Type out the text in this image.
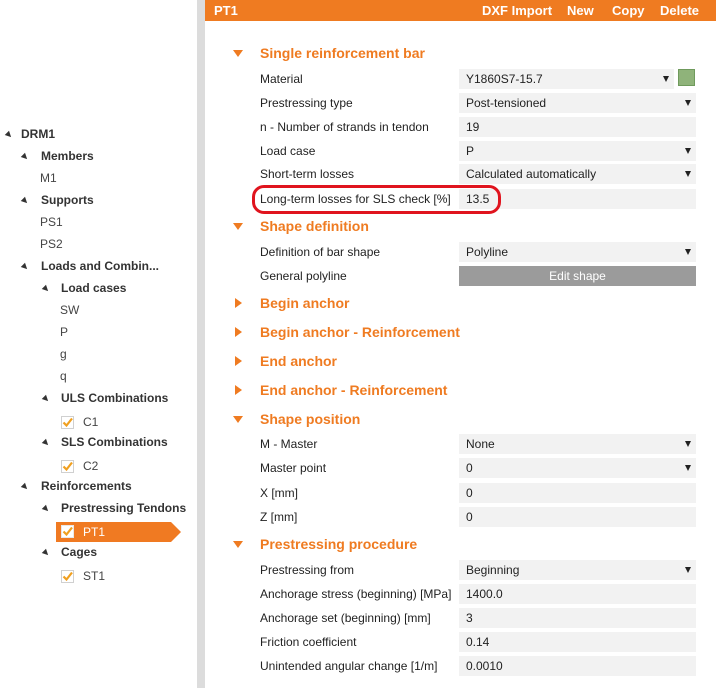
DRM1
Members
M1
Supports
PS1
PS2
Loads and Combin...
Load cases
SW
P
g
q
ULS Combinations
C1
SLS Combinations
C2
Reinforcements
Prestressing Tendons
PT1
Cages
ST1
PT1	DXF Import New Copy Delete
Single reinforcement bar
Material	Y1860S7-15.7
Prestressing type	Post-tensioned
n - Number of strands in tendon	19
Load case	P
Short-term losses	Calculated automatically
Long-term losses for SLS check [%] 13.5
Shape definition
Definition of bar shape	Polyline
General polyline	Edit shape
Begin anchor
Begin anchor - Reinforcement
End anchor
End anchor - Reinforcement
Shape position
M - Master	None
Master point	0
X [mm]	0
Z [mm]	0
Prestressing procedure
Prestressing from	Beginning
Anchorage stress (beginning) [MPa] 1400.0
Anchorage set (beginning) [mm]	3
Friction coefficient	0.14
Unintended angular change [1/m] 0.0010
